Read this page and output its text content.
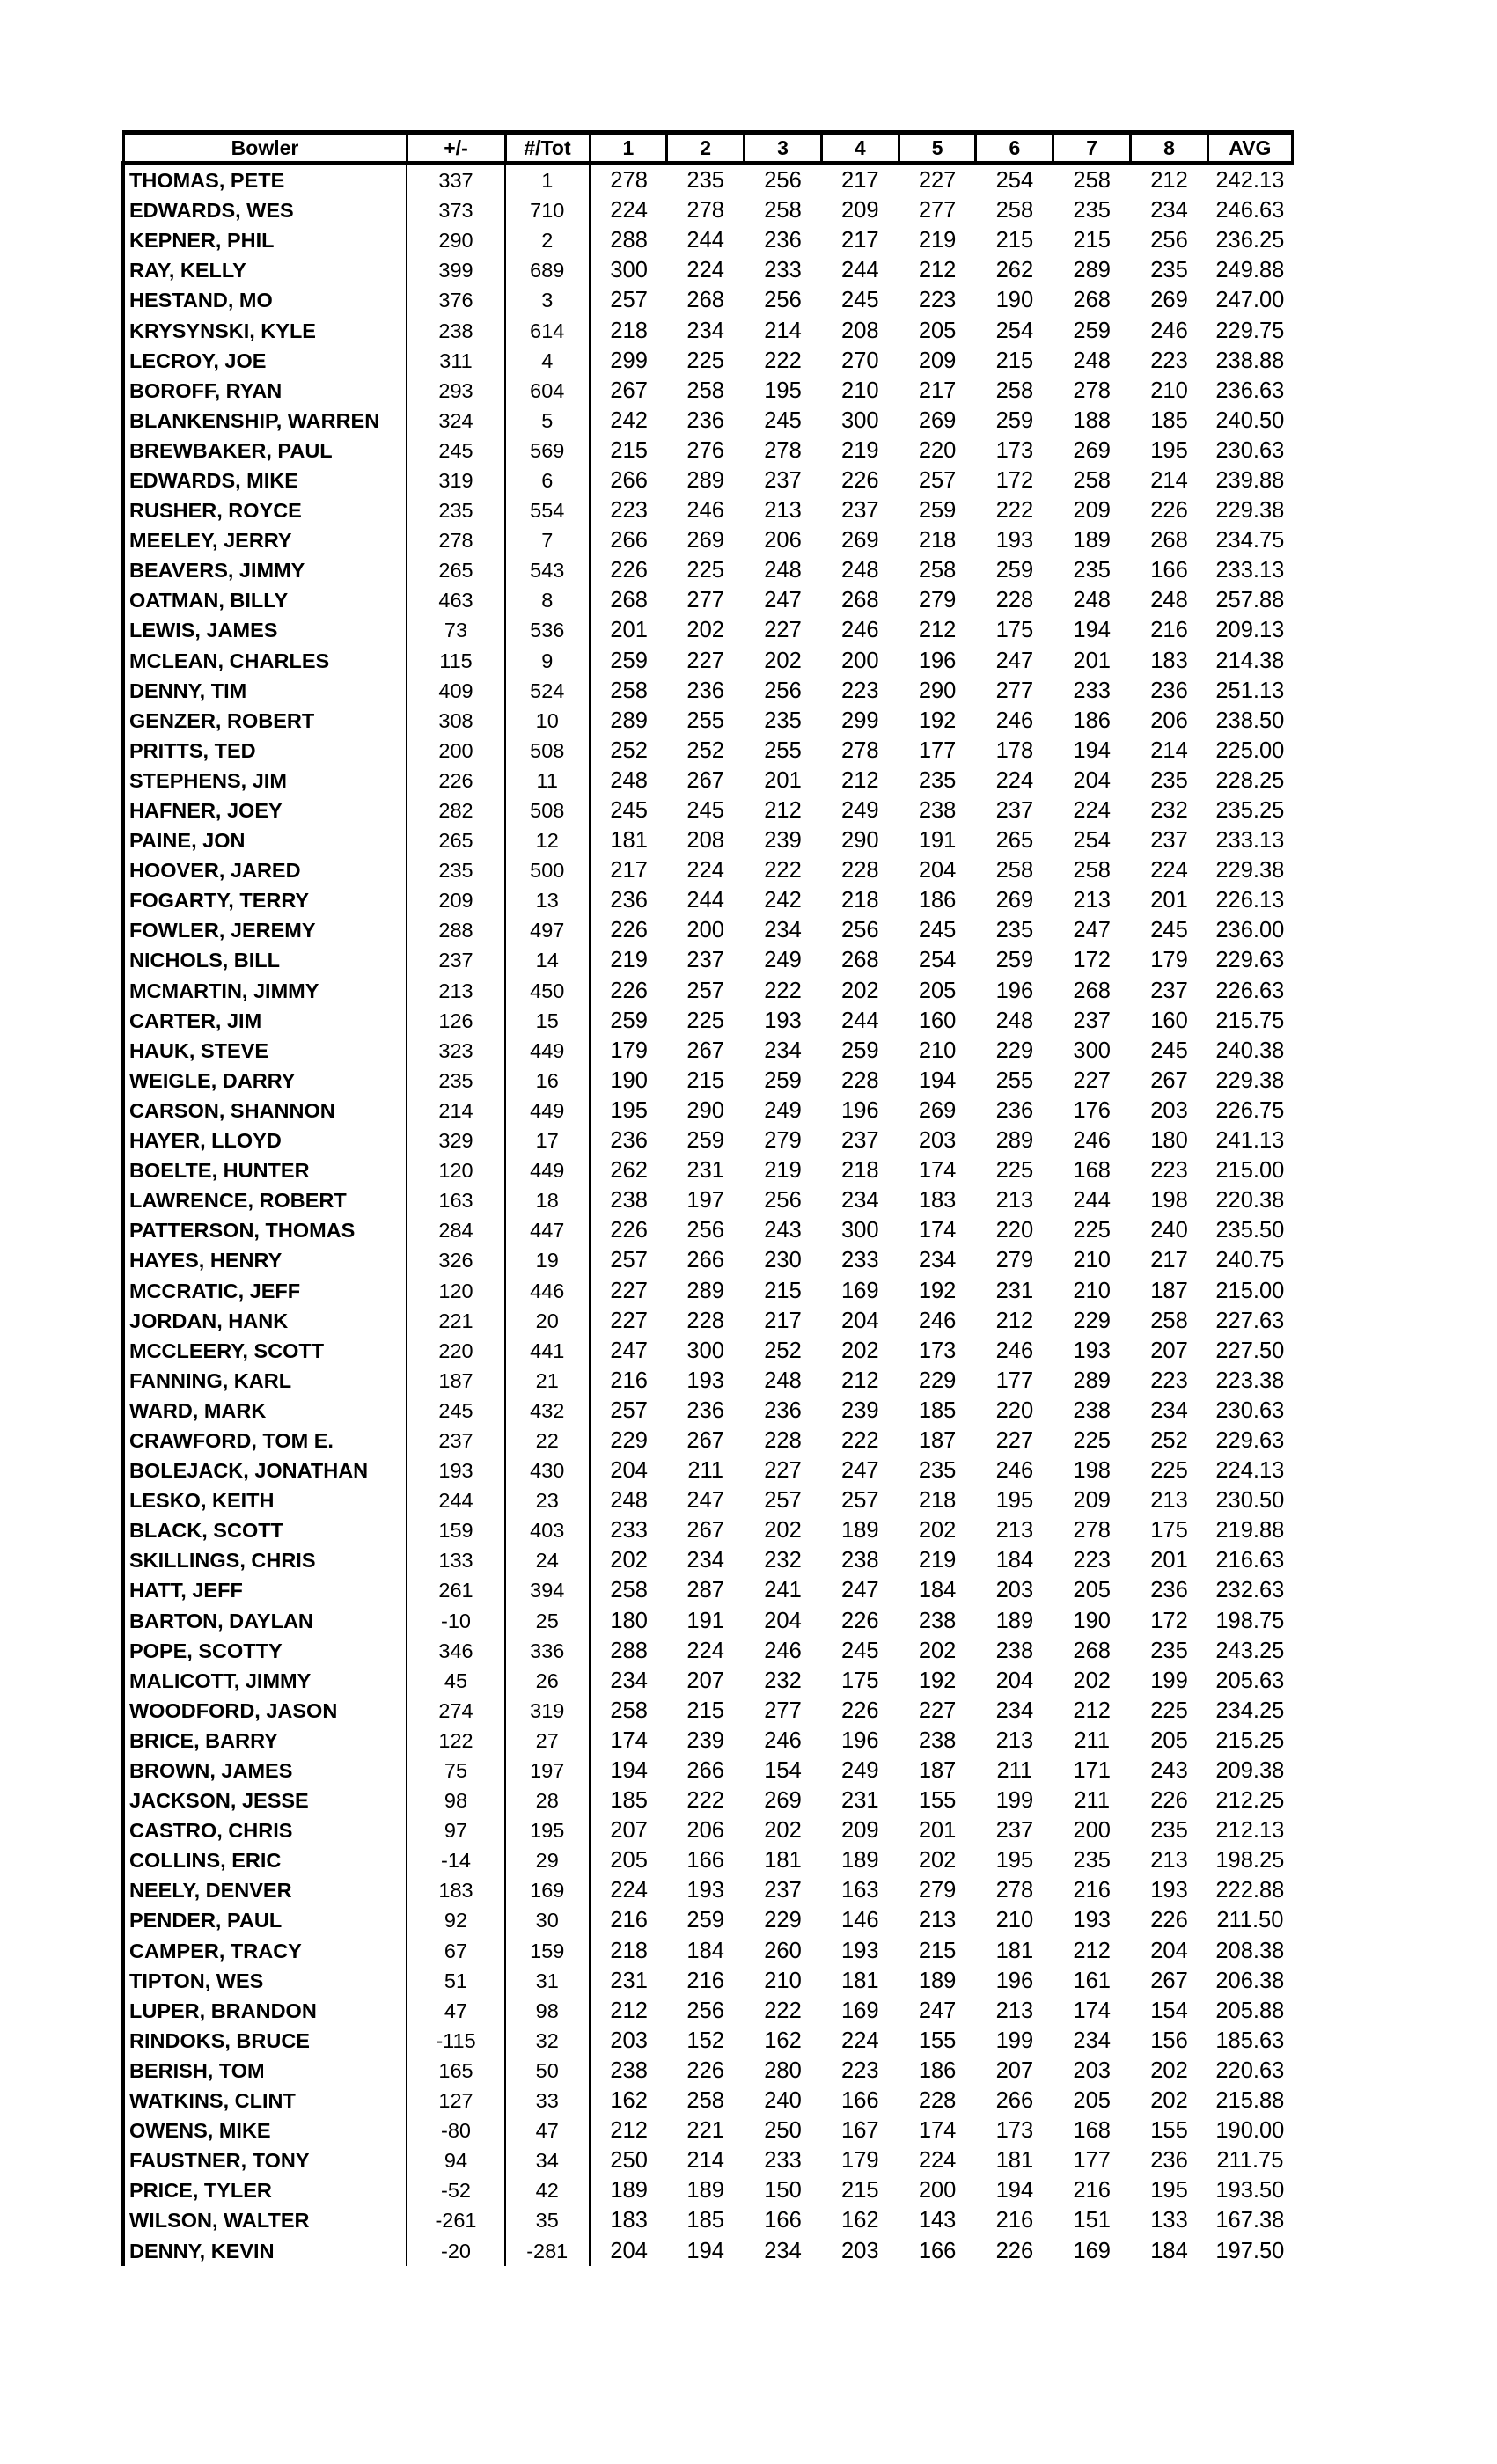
Bowler	+/-	#/Tot	1	2	3	4	5	6	7	8	AVG
THOMAS, PETE	337	1	278	235	256	217	227	254	258	212	242.13
EDWARDS, WES	373	710	224	278	258	209	277	258	235	234	246.63
KEPNER, PHIL	290	2	288	244	236	217	219	215	215	256	236.25
RAY, KELLY	399	689	300	224	233	244	212	262	289	235	249.88
HESTAND, MO	376	3	257	268	256	245	223	190	268	269	247.00
KRYSYNSKI, KYLE	238	614	218	234	214	208	205	254	259	246	229.75
LECROY, JOE	311	4	299	225	222	270	209	215	248	223	238.88
BOROFF, RYAN	293	604	267	258	195	210	217	258	278	210	236.63
BLANKENSHIP, WARREN	324	5	242	236	245	300	269	259	188	185	240.50
BREWBAKER, PAUL	245	569	215	276	278	219	220	173	269	195	230.63
EDWARDS, MIKE	319	6	266	289	237	226	257	172	258	214	239.88
RUSHER, ROYCE	235	554	223	246	213	237	259	222	209	226	229.38
MEELEY, JERRY	278	7	266	269	206	269	218	193	189	268	234.75
BEAVERS, JIMMY	265	543	226	225	248	248	258	259	235	166	233.13
OATMAN, BILLY	463	8	268	277	247	268	279	228	248	248	257.88
LEWIS, JAMES	73	536	201	202	227	246	212	175	194	216	209.13
MCLEAN, CHARLES	115	9	259	227	202	200	196	247	201	183	214.38
DENNY, TIM	409	524	258	236	256	223	290	277	233	236	251.13
GENZER, ROBERT	308	10	289	255	235	299	192	246	186	206	238.50
PRITTS, TED	200	508	252	252	255	278	177	178	194	214	225.00
STEPHENS, JIM	226	11	248	267	201	212	235	224	204	235	228.25
HAFNER, JOEY	282	508	245	245	212	249	238	237	224	232	235.25
PAINE, JON	265	12	181	208	239	290	191	265	254	237	233.13
HOOVER, JARED	235	500	217	224	222	228	204	258	258	224	229.38
FOGARTY, TERRY	209	13	236	244	242	218	186	269	213	201	226.13
FOWLER, JEREMY	288	497	226	200	234	256	245	235	247	245	236.00
NICHOLS, BILL	237	14	219	237	249	268	254	259	172	179	229.63
MCMARTIN, JIMMY	213	450	226	257	222	202	205	196	268	237	226.63
CARTER, JIM	126	15	259	225	193	244	160	248	237	160	215.75
HAUK, STEVE	323	449	179	267	234	259	210	229	300	245	240.38
WEIGLE, DARRY	235	16	190	215	259	228	194	255	227	267	229.38
CARSON, SHANNON	214	449	195	290	249	196	269	236	176	203	226.75
HAYER, LLOYD	329	17	236	259	279	237	203	289	246	180	241.13
BOELTE, HUNTER	120	449	262	231	219	218	174	225	168	223	215.00
LAWRENCE, ROBERT	163	18	238	197	256	234	183	213	244	198	220.38
PATTERSON, THOMAS	284	447	226	256	243	300	174	220	225	240	235.50
HAYES, HENRY	326	19	257	266	230	233	234	279	210	217	240.75
MCCRATIC, JEFF	120	446	227	289	215	169	192	231	210	187	215.00
JORDAN, HANK	221	20	227	228	217	204	246	212	229	258	227.63
MCCLEERY, SCOTT	220	441	247	300	252	202	173	246	193	207	227.50
FANNING, KARL	187	21	216	193	248	212	229	177	289	223	223.38
WARD, MARK	245	432	257	236	236	239	185	220	238	234	230.63
CRAWFORD, TOM E.	237	22	229	267	228	222	187	227	225	252	229.63
BOLEJACK, JONATHAN	193	430	204	211	227	247	235	246	198	225	224.13
LESKO, KEITH	244	23	248	247	257	257	218	195	209	213	230.50
BLACK, SCOTT	159	403	233	267	202	189	202	213	278	175	219.88
SKILLINGS, CHRIS	133	24	202	234	232	238	219	184	223	201	216.63
HATT, JEFF	261	394	258	287	241	247	184	203	205	236	232.63
BARTON, DAYLAN	-10	25	180	191	204	226	238	189	190	172	198.75
POPE, SCOTTY	346	336	288	224	246	245	202	238	268	235	243.25
MALICOTT, JIMMY	45	26	234	207	232	175	192	204	202	199	205.63
WOODFORD, JASON	274	319	258	215	277	226	227	234	212	225	234.25
BRICE, BARRY	122	27	174	239	246	196	238	213	211	205	215.25
BROWN, JAMES	75	197	194	266	154	249	187	211	171	243	209.38
JACKSON, JESSE	98	28	185	222	269	231	155	199	211	226	212.25
CASTRO, CHRIS	97	195	207	206	202	209	201	237	200	235	212.13
COLLINS, ERIC	-14	29	205	166	181	189	202	195	235	213	198.25
NEELY, DENVER	183	169	224	193	237	163	279	278	216	193	222.88
PENDER, PAUL	92	30	216	259	229	146	213	210	193	226	211.50
CAMPER, TRACY	67	159	218	184	260	193	215	181	212	204	208.38
TIPTON, WES	51	31	231	216	210	181	189	196	161	267	206.38
LUPER, BRANDON	47	98	212	256	222	169	247	213	174	154	205.88
RINDOKS, BRUCE	-115	32	203	152	162	224	155	199	234	156	185.63
BERISH, TOM	165	50	238	226	280	223	186	207	203	202	220.63
WATKINS, CLINT	127	33	162	258	240	166	228	266	205	202	215.88
OWENS, MIKE	-80	47	212	221	250	167	174	173	168	155	190.00
FAUSTNER, TONY	94	34	250	214	233	179	224	181	177	236	211.75
PRICE, TYLER	-52	42	189	189	150	215	200	194	216	195	193.50
WILSON, WALTER	-261	35	183	185	166	162	143	216	151	133	167.38
DENNY, KEVIN	-20	-281	204	194	234	203	166	226	169	184	197.50
